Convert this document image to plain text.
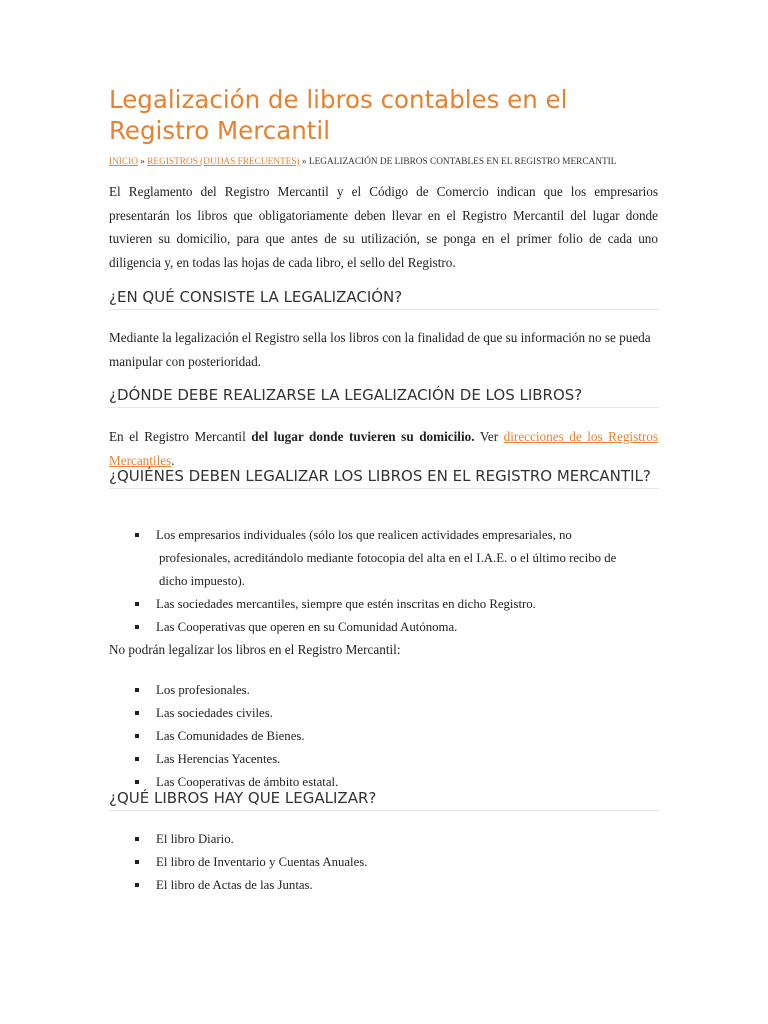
Legalización de libros contables en el Registro Mercantil

INICIO » REGISTROS (DUDAS FRECUENTES) » LEGALIZACIÓN DE LIBROS CONTABLES EN EL REGISTRO MERCANTIL

El Reglamento del Registro Mercantil y el Código de Comercio indican que los empresarios presentarán los libros que obligatoriamente deben llevar en el Registro Mercantil del lugar donde tuvieren su domicilio, para que antes de su utilización, se ponga en el primer folio de cada uno diligencia y, en todas las hojas de cada libro, el sello del Registro.

¿EN QUÉ CONSISTE LA LEGALIZACIÓN?

Mediante la legalización el Registro sella los libros con la finalidad de que su información no se pueda manipular con posterioridad.

¿DÓNDE DEBE REALIZARSE LA LEGALIZACIÓN DE LOS LIBROS?

En el Registro Mercantil del lugar donde tuvieren su domicilio. Ver direcciones de los Registros Mercantiles.

¿QUIÉNES DEBEN LEGALIZAR LOS LIBROS EN EL REGISTRO MERCANTIL?
Los empresarios individuales (sólo los que realicen actividades empresariales, no
profesionales, acreditándolo mediante fotocopia del alta en el I.A.E. o el último recibo de
dicho impuesto).
Las sociedades mercantiles, siempre que estén inscritas en dicho Registro.
Las Cooperativas que operen en su Comunidad Autónoma.

No podrán legalizar los libros en el Registro Mercantil:

Los profesionales.
Las sociedades civiles.
Las Comunidades de Bienes.
Las Herencias Yacentes.
Las Cooperativas de ámbito estatal.
¿QUÉ LIBROS HAY QUE LEGALIZAR?
El libro Diario.
El libro de Inventario y Cuentas Anuales.
El libro de Actas de las Juntas.
